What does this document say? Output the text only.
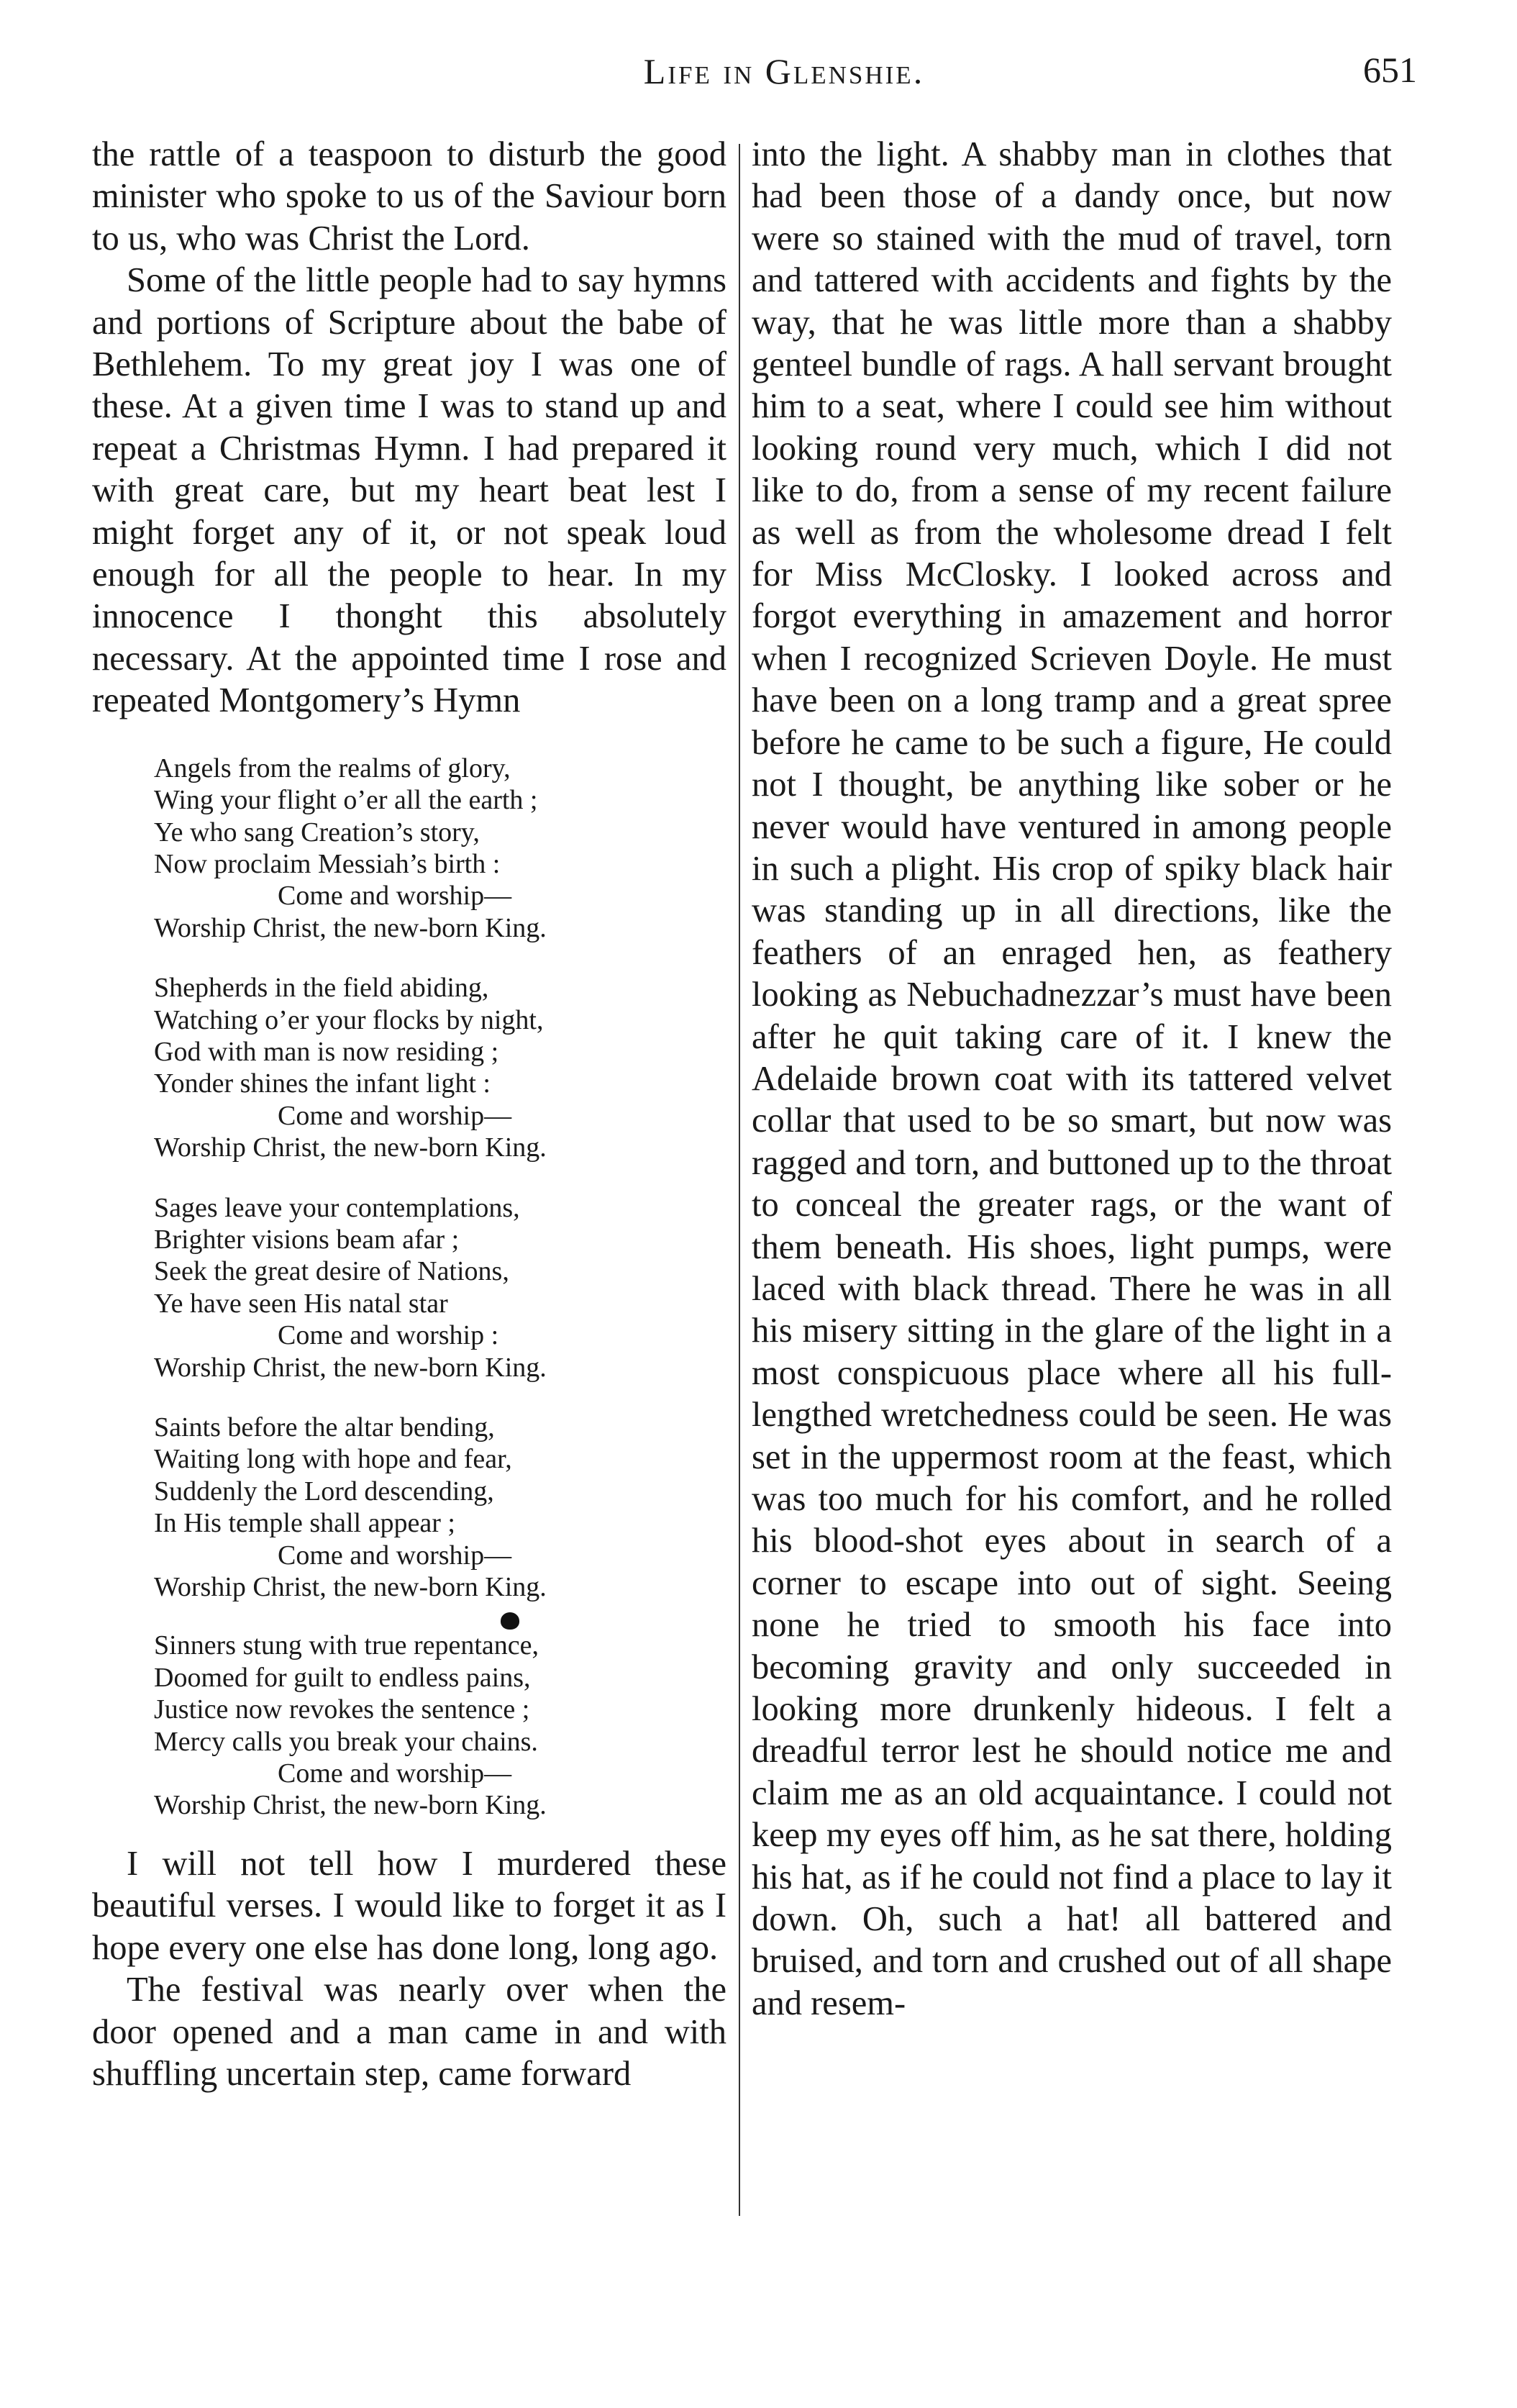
Life in Glenshie.	651

the rattle of a teaspoon to disturb the good minister who spoke to us of the Saviour born to us, who was Christ the Lord.

Some of the little people had to say hymns and portions of Scripture about the babe of Bethlehem. To my great joy I was one of these. At a given time I was to stand up and repeat a Christmas Hymn. I had prepared it with great care, but my heart beat lest I might forget any of it, or not speak loud enough for all the people to hear. In my innocence I thonght this absolutely necessary. At the appointed time I rose and repeated Montgomery’s Hymn

Angels from the realms of glory,
Wing your flight o’er all the earth ;
Ye who sang Creation’s story,
Now proclaim Messiah’s birth :
Come and worship—
Worship Christ, the new-born King.
Shepherds in the field abiding,
Watching o’er your flocks by night,
God with man is now residing ;
Yonder shines the infant light :
Come and worship—
Worship Christ, the new-born King.
Sages leave your contemplations,
Brighter visions beam afar ;
Seek the great desire of Nations,
Ye have seen His natal star
Come and worship :
Worship Christ, the new-born King.
Saints before the altar bending,
Waiting long with hope and fear,
Suddenly the Lord descending,
In His temple shall appear ;
Come and worship—
Worship Christ, the new-born King.
Sinners stung with true repentance,
Doomed for guilt to endless pains,
Justice now revokes the sentence ;
Mercy calls you break your chains.
Come and worship—
Worship Christ, the new-born King.

I will not tell how I murdered these beautiful verses. I would like to forget it as I hope every one else has done long, long ago.

The festival was nearly over when the door opened and a man came in and with shuffling uncertain step, came forward

into the light. A shabby man in clothes that had been those of a dandy once, but now were so stained with the mud of travel, torn and tattered with accidents and fights by the way, that he was little more than a shabby genteel bundle of rags. A hall servant brought him to a seat, where I could see him without looking round very much, which I did not like to do, from a sense of my recent failure as well as from the wholesome dread I felt for Miss McClosky. I looked across and forgot everything in amazement and horror when I recognized Scrieven Doyle. He must have been on a long tramp and a great spree before he came to be such a figure, He could not I thought, be anything like sober or he never would have ventured in among people in such a plight. His crop of spiky black hair was standing up in all directions, like the feathers of an enraged hen, as feathery looking as Nebuchadnezzar’s must have been after he quit taking care of it. I knew the Adelaide brown coat with its tattered velvet collar that used to be so smart, but now was ragged and torn, and buttoned up to the throat to conceal the greater rags, or the want of them beneath. His shoes, light pumps, were laced with black thread. There he was in all his misery sitting in the glare of the light in a most conspicuous place where all his full-lengthed wretchedness could be seen. He was set in the uppermost room at the feast, which was too much for his comfort, and he rolled his blood-shot eyes about in search of a corner to escape into out of sight. Seeing none he tried to smooth his face into becoming gravity and only succeeded in looking more drunkenly hideous. I felt a dreadful terror lest he should notice me and claim me as an old acquaintance. I could not keep my eyes off him, as he sat there, holding his hat, as if he could not find a place to lay it down. Oh, such a hat! all battered and bruised, and torn and crushed out of all shape and resem-
